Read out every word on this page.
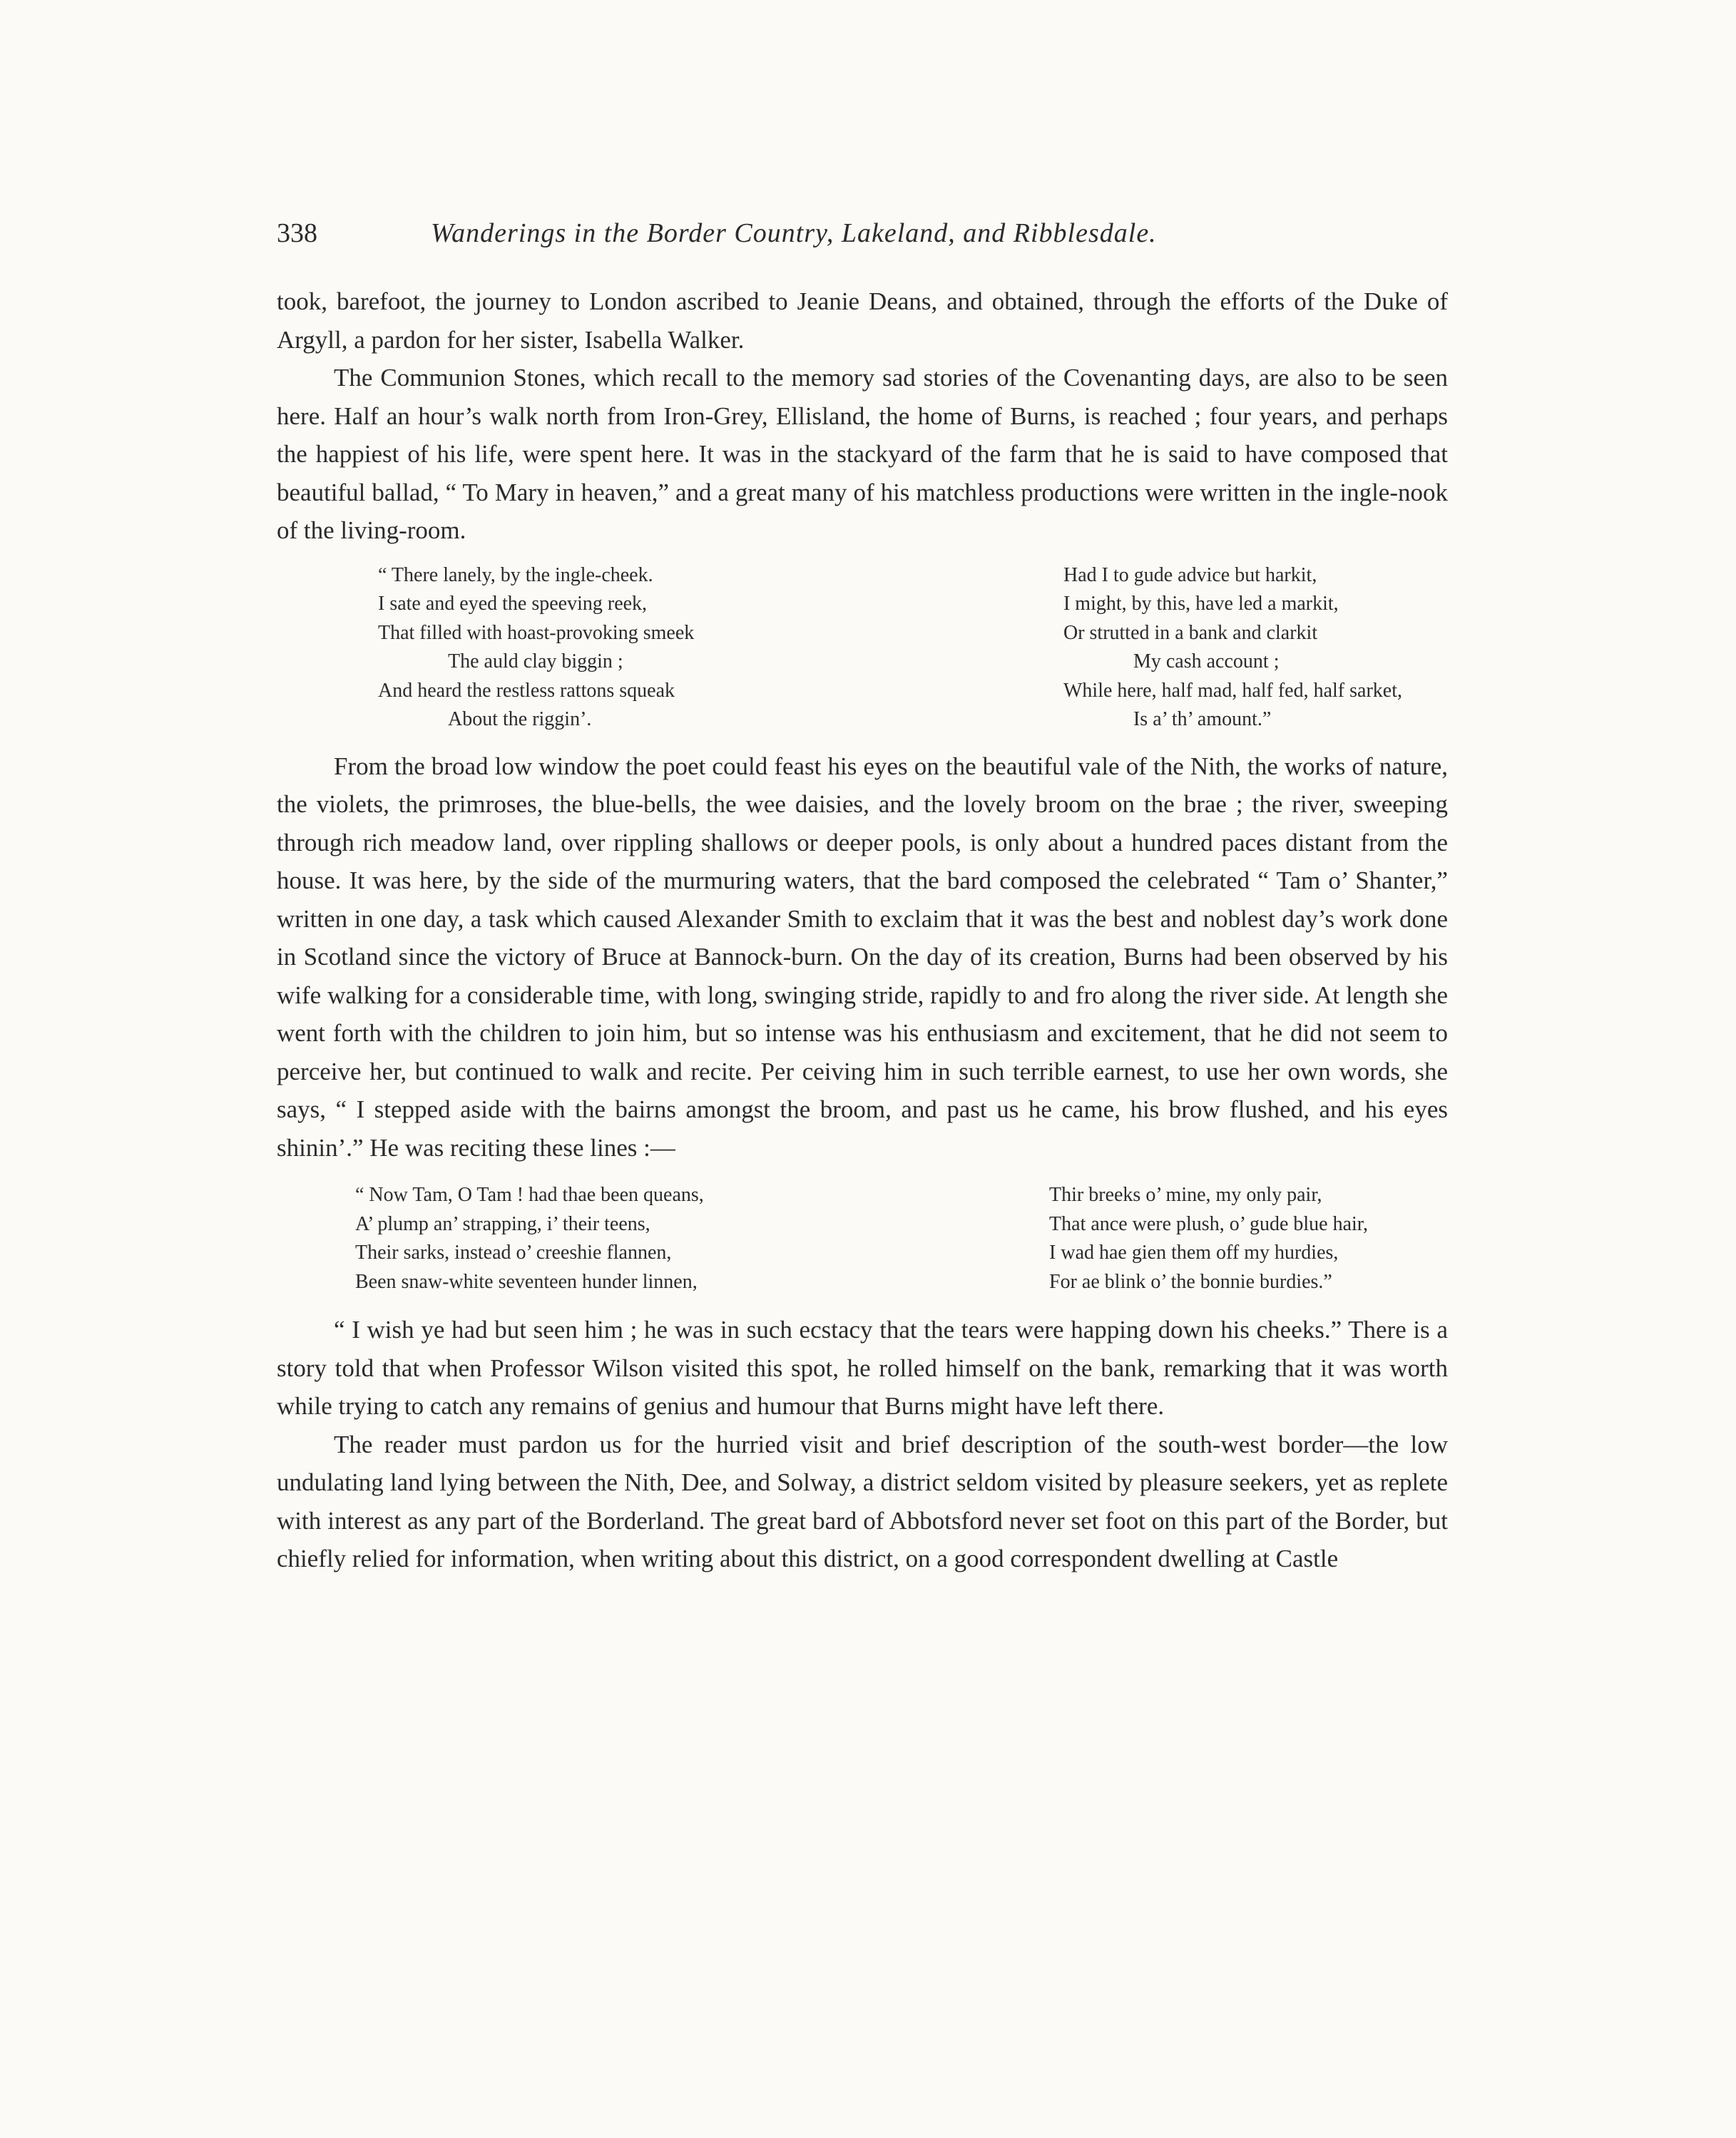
338	Wanderings in the Border Country, Lakeland, and Ribblesdale.

took, barefoot, the journey to London ascribed to Jeanie Deans, and obtained, through the efforts of the Duke of Argyll, a pardon for her sister, Isabella Walker.

The Communion Stones, which recall to the memory sad stories of the Covenanting days, are also to be seen here. Half an hour’s walk north from Iron-Grey, Ellisland, the home of Burns, is reached ; four years, and perhaps the happiest of his life, were spent here. It was in the stackyard of the farm that he is said to have composed that beautiful ballad, “ To Mary in heaven,” and a great many of his matchless productions were written in the ingle-nook of the living-room.

“ There lanely, by the ingle-cheek.
I sate and eyed the speeving reek,
That filled with hoast-provoking smeek
The auld clay biggin ;
And heard the restless rattons squeak
About the riggin’.
Had I to gude advice but harkit,
I might, by this, have led a markit,
Or strutted in a bank and clarkit
My cash account ;
While here, half mad, half fed, half sarket,
Is a’ th’ amount.”

From the broad low window the poet could feast his eyes on the beautiful vale of the Nith, the works of nature, the violets, the primroses, the blue-bells, the wee daisies, and the lovely broom on the brae ; the river, sweeping through rich meadow land, over rippling shallows or deeper pools, is only about a hundred paces distant from the house. It was here, by the side of the murmuring waters, that the bard composed the celebrated “ Tam o’ Shanter,” written in one day, a task which caused Alexander Smith to exclaim that it was the best and noblest day’s work done in Scotland since the victory of Bruce at Bannock-burn. On the day of its creation, Burns had been observed by his wife walking for a considerable time, with long, swinging stride, rapidly to and fro along the river side. At length she went forth with the children to join him, but so intense was his enthusiasm and excitement, that he did not seem to perceive her, but continued to walk and recite. Per ceiving him in such terrible earnest, to use her own words, she says, “ I stepped aside with the bairns amongst the broom, and past us he came, his brow flushed, and his eyes shinin’.” He was reciting these lines :—

“ Now Tam, O Tam ! had thae been queans,
A’ plump an’ strapping, i’ their teens,
Their sarks, instead o’ creeshie flannen,
Been snaw-white seventeen hunder linnen,
Thir breeks o’ mine, my only pair,
That ance were plush, o’ gude blue hair,
I wad hae gien them off my hurdies,
For ae blink o’ the bonnie burdies.”

“ I wish ye had but seen him ; he was in such ecstacy that the tears were happing down his cheeks.” There is a story told that when Professor Wilson visited this spot, he rolled himself on the bank, remarking that it was worth while trying to catch any remains of genius and humour that Burns might have left there.

The reader must pardon us for the hurried visit and brief description of the south-west border—the low undulating land lying between the Nith, Dee, and Solway, a district seldom visited by pleasure seekers, yet as replete with interest as any part of the Borderland. The great bard of Abbotsford never set foot on this part of the Border, but chiefly relied for information, when writing about this district, on a good correspondent dwelling at Castle
